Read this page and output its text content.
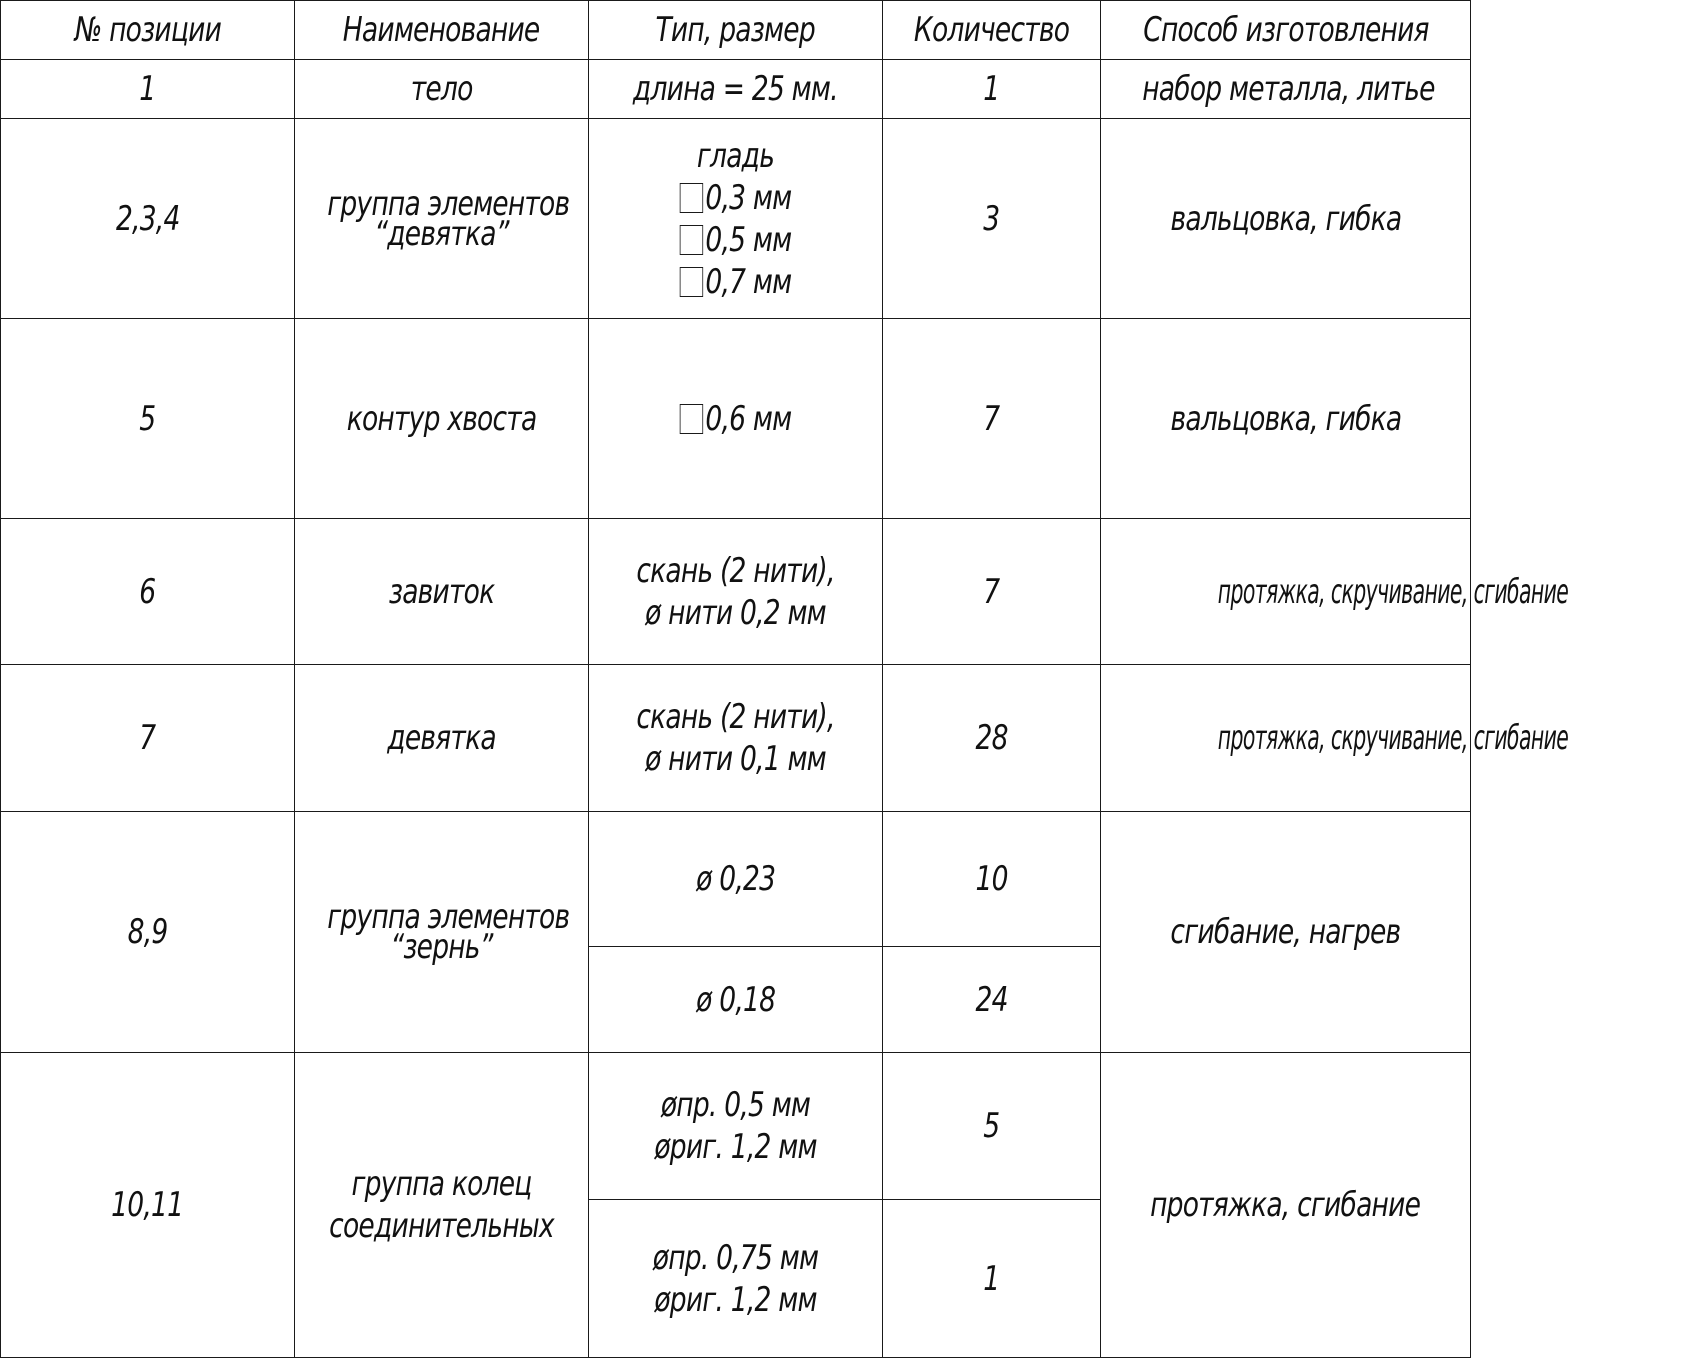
№ позиции	Наименование	Тип, размер	Количество	Способ изготовления
1	тело	длина = 25 мм.	1	набор металла, литье
2,3,4	группа элементов
“девятка”	гладь
0,3 мм
0,5 мм
0,7 мм	3	вальцовка, гибка
5	контур хвоста	0,6 мм	7	вальцовка, гибка
6	завиток	скань (2 нити),
ø нити 0,2 мм	7	протяжка, скручивание, сгибание
7	девятка	скань (2 нити),
ø нити 0,1 мм	28	протяжка, скручивание, сгибание
8,9	группа элементов
“зернь”	ø 0,23	10	сгибание, нагрев
		ø 0,18	24	
10,11	группа колец
соединительных	øпр. 0,5 мм
øриг. 1,2 мм	5	протяжка, сгибание

		øпр. 0,75 мм
øриг. 1,2 мм	1	
